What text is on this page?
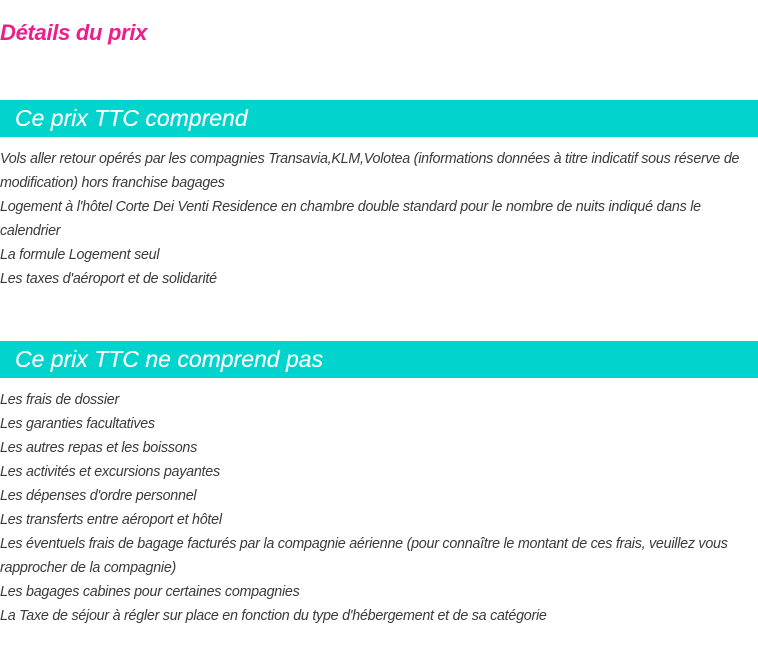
Détails du prix
Ce prix TTC comprend
Vols aller retour opérés par les compagnies Transavia,KLM,Volotea (informations données à titre indicatif sous réserve de modification) hors franchise bagages
Logement à l'hôtel Corte Dei Venti Residence en chambre double standard pour le nombre de nuits indiqué dans le calendrier
La formule Logement seul
Les taxes d'aéroport et de solidarité
Ce prix TTC ne comprend pas
Les frais de dossier
Les garanties facultatives
Les autres repas et les boissons
Les activités et excursions payantes
Les dépenses d'ordre personnel
Les transferts entre aéroport et hôtel
Les éventuels frais de bagage facturés par la compagnie aérienne (pour connaître le montant de ces frais, veuillez vous rapprocher de la compagnie)
Les bagages cabines pour certaines compagnies
La Taxe de séjour à régler sur place en fonction du type d'hébergement et de sa catégorie
